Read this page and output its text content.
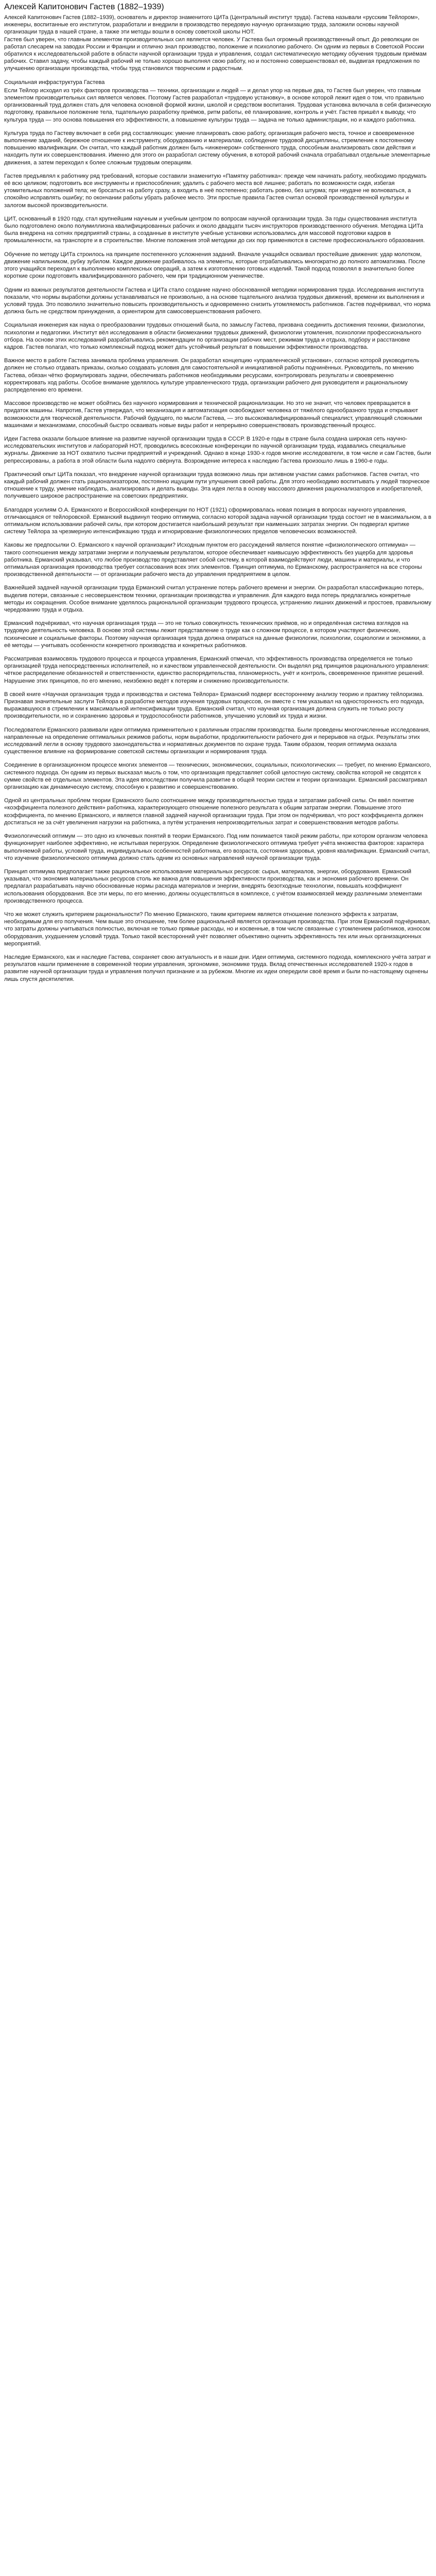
Алексей Капитонович Гастев (1882–1939)

Алексей Капитонович Гастев (1882–1939), основатель и директор знаменитого ЦИТа (Центральный институт труда). Гастева называли «русским Тейлором», инженеры, воспитанные его институтом, разработали и внедрили в производство передовую научную организацию труда, заложили основы научной организации труда в нашей стране, а также эти методы вошли в основу советской школы НОТ.

Гастев был уверен, что главным элементом производительных сил является человек. У Гастева был огромный производственный опыт. До революции он работал слесарем на заводах России и Франции и отлично знал производство, положение и психологию рабочего. Он одним из первых в Советской России обратился к исследовательской работе в области научной организации труда и управления, создал систематическую методику обучения трудовым приёмам рабочих. Ставил задачу, чтобы каждый рабочий не только хорошо выполнял свою работу, но и постоянно совершенствовал её, выдвигая предложения по улучшению организации производства, чтобы труд становился творческим и радостным.

Социальная инфраструктура Гастева

Если Тейлор исходил из трёх факторов производства — техники, организации и людей — и делал упор на первые два, то Гастев был уверен, что главным элементом производительных сил является человек. Поэтому Гастев разработал «трудовую установку», в основе которой лежит идея о том, что правильно организованный труд должен стать для человека основной формой жизни, школой и средством воспитания. Трудовая установка включала в себя физическую подготовку, правильное положение тела, тщательную разработку приёмов, ритм работы, её планирование, контроль и учёт. Гастев пришёл к выводу, что культура труда — это основа повышения его эффективности, а повышение культуры труда — задача не только администрации, но и каждого работника.

Культура труда по Гастеву включает в себя ряд составляющих: умение планировать свою работу, организация рабочего места, точное и своевременное выполнение заданий, бережное отношение к инструменту, оборудованию и материалам, соблюдение трудовой дисциплины, стремление к постоянному повышению квалификации. Он считал, что каждый работник должен быть «инженером» собственного труда, способным анализировать свои действия и находить пути их совершенствования. Именно для этого он разработал систему обучения, в которой рабочий сначала отрабатывал отдельные элементарные движения, а затем переходил к более сложным трудовым операциям.

Гастев предъявлял к работнику ряд требований, которые составили знаменитую «Памятку работника»: прежде чем начинать работу, необходимо продумать её всю целиком; подготовить все инструменты и приспособления; удалить с рабочего места всё лишнее; работать по возможности сидя, избегая утомительных положений тела; не бросаться на работу сразу, а входить в неё постепенно; работать ровно, без штурма; при неудаче не волноваться, а спокойно исправлять ошибку; по окончании работы убрать рабочее место. Эти простые правила Гастев считал основой производственной культуры и залогом высокой производительности.

ЦИТ, основанный в 1920 году, стал крупнейшим научным и учебным центром по вопросам научной организации труда. За годы существования института было подготовлено около полумиллиона квалифицированных рабочих и около двадцати тысяч инструкторов производственного обучения. Методика ЦИТа была внедрена на сотнях предприятий страны, а созданные в институте учебные установки использовались для массовой подготовки кадров в промышленности, на транспорте и в строительстве. Многие положения этой методики до сих пор применяются в системе профессионального образования.

Обучение по методу ЦИТа строилось на принципе постепенного усложнения заданий. Вначале учащийся осваивал простейшие движения: удар молотком, движение напильником, рубку зубилом. Каждое движение разбивалось на элементы, которые отрабатывались многократно до полного автоматизма. После этого учащийся переходил к выполнению комплексных операций, а затем к изготовлению готовых изделий. Такой подход позволял в значительно более короткие сроки подготовить квалифицированного рабочего, чем при традиционном ученичестве.

Одним из важных результатов деятельности Гастева и ЦИТа стало создание научно обоснованной методики нормирования труда. Исследования института показали, что нормы выработки должны устанавливаться не произвольно, а на основе тщательного анализа трудовых движений, времени их выполнения и условий труда. Это позволило значительно повысить производительность и одновременно снизить утомляемость работников. Гастев подчёркивал, что норма должна быть не средством принуждения, а ориентиром для самосовершенствования рабочего.

Социальная инженерия как наука о преобразовании трудовых отношений была, по замыслу Гастева, призвана соединить достижения техники, физиологии, психологии и педагогики. Институт вёл исследования в области биомеханики трудовых движений, физиологии утомления, психологии профессионального отбора. На основе этих исследований разрабатывались рекомендации по организации рабочих мест, режимам труда и отдыха, подбору и расстановке кадров. Гастев полагал, что только комплексный подход может дать устойчивый результат в повышении эффективности производства.

Важное место в работе Гастева занимала проблема управления. Он разработал концепцию «управленческой установки», согласно которой руководитель должен не столько отдавать приказы, сколько создавать условия для самостоятельной и инициативной работы подчинённых. Руководитель, по мнению Гастева, обязан чётко формулировать задачи, обеспечивать работников необходимыми ресурсами, контролировать результаты и своевременно корректировать ход работы. Особое внимание уделялось культуре управленческого труда, организации рабочего дня руководителя и рациональному распределению его времени.

Массовое производство не может обойтись без научного нормирования и технической рационализации. Но это не значит, что человек превращается в придаток машины. Напротив, Гастев утверждал, что механизация и автоматизация освобождают человека от тяжёлого однообразного труда и открывают возможности для творческой деятельности. Рабочий будущего, по мысли Гастева, — это высококвалифицированный специалист, управляющий сложными машинами и механизмами, способный быстро осваивать новые виды работ и непрерывно совершенствовать производственный процесс.

Идеи Гастева оказали большое влияние на развитие научной организации труда в СССР. В 1920-е годы в стране была создана широкая сеть научно-исследовательских институтов и лабораторий НОТ, проводились всесоюзные конференции по научной организации труда, издавались специальные журналы. Движение за НОТ охватило тысячи предприятий и учреждений. Однако в конце 1930-х годов многие исследователи, в том числе и сам Гастев, были репрессированы, а работа в этой области была надолго свёрнута. Возрождение интереса к наследию Гастева произошло лишь в 1960-е годы.

Практический опыт ЦИТа показал, что внедрение научной организации труда возможно лишь при активном участии самих работников. Гастев считал, что каждый рабочий должен стать рационализатором, постоянно ищущим пути улучшения своей работы. Для этого необходимо воспитывать у людей творческое отношение к труду, умение наблюдать, анализировать и делать выводы. Эта идея легла в основу массового движения рационализаторов и изобретателей, получившего широкое распространение на советских предприятиях.

Благодаря усилиям О.А. Ерманского и Всероссийской конференции по НОТ (1921) сформировалась новая позиция в вопросах научного управления, отличающаяся от тейлоровской. Ерманский выдвинул теорию оптимума, согласно которой задача научной организации труда состоит не в максимальном, а в оптимальном использовании рабочей силы, при котором достигается наибольший результат при наименьших затратах энергии. Он подвергал критике систему Тейлора за чрезмерную интенсификацию труда и игнорирование физиологических пределов человеческих возможностей.

Каковы же предпосылки О. Ерманского к научной организации? Исходным пунктом его рассуждений является понятие «физиологического оптимума» — такого соотношения между затратами энергии и получаемым результатом, которое обеспечивает наивысшую эффективность без ущерба для здоровья работника. Ерманский указывал, что любое производство представляет собой систему, в которой взаимодействуют люди, машины и материалы, и что оптимальная организация производства требует согласования всех этих элементов. Принцип оптимума, по Ерманскому, распространяется на все стороны производственной деятельности — от организации рабочего места до управления предприятием в целом.

Важнейшей задачей научной организации труда Ерманский считал устранение потерь рабочего времени и энергии. Он разработал классификацию потерь, выделив потери, связанные с несовершенством техники, организации производства и управления. Для каждого вида потерь предлагались конкретные методы их сокращения. Особое внимание уделялось рациональной организации трудового процесса, устранению лишних движений и простоев, правильному чередованию труда и отдыха.

Ерманский подчёркивал, что научная организация труда — это не только совокупность технических приёмов, но и определённая система взглядов на трудовую деятельность человека. В основе этой системы лежит представление о труде как о сложном процессе, в котором участвуют физические, психические и социальные факторы. Поэтому научная организация труда должна опираться на данные физиологии, психологии, социологии и экономики, а её методы — учитывать особенности конкретного производства и конкретных работников.

Рассматривая взаимосвязь трудового процесса и процесса управления, Ерманский отмечал, что эффективность производства определяется не только организацией труда непосредственных исполнителей, но и качеством управленческой деятельности. Он выделял ряд принципов рационального управления: чёткое распределение обязанностей и ответственности, единство распорядительства, планомерность, учёт и контроль, своевременное принятие решений. Нарушение этих принципов, по его мнению, неизбежно ведёт к потерям и снижению производительности.

В своей книге «Научная организация труда и производства и система Тейлора» Ерманский подверг всестороннему анализу теорию и практику тейлоризма. Признавая значительные заслуги Тейлора в разработке методов изучения трудовых процессов, он вместе с тем указывал на односторонность его подхода, выражавшуюся в стремлении к максимальной интенсификации труда. Ерманский считал, что научная организация должна служить не только росту производительности, но и сохранению здоровья и трудоспособности работников, улучшению условий их труда и жизни.

Последователи Ерманского развивали идеи оптимума применительно к различным отраслям производства. Были проведены многочисленные исследования, направленные на определение оптимальных режимов работы, норм выработки, продолжительности рабочего дня и перерывов на отдых. Результаты этих исследований легли в основу трудового законодательства и нормативных документов по охране труда. Таким образом, теория оптимума оказала существенное влияние на формирование советской системы организации и нормирования труда.

Соединение в организационном процессе многих элементов — технических, экономических, социальных, психологических — требует, по мнению Ерманского, системного подхода. Он одним из первых высказал мысль о том, что организация представляет собой целостную систему, свойства которой не сводятся к сумме свойств её отдельных элементов. Эта идея впоследствии получила развитие в общей теории систем и теории организации. Ерманский рассматривал организацию как динамическую систему, способную к развитию и совершенствованию.

Одной из центральных проблем теории Ерманского было соотношение между производительностью труда и затратами рабочей силы. Он ввёл понятие «коэффициента полезного действия» работника, характеризующего отношение полезного результата к общим затратам энергии. Повышение этого коэффициента, по мнению Ерманского, и является главной задачей научной организации труда. При этом он подчёркивал, что рост коэффициента должен достигаться не за счёт увеличения нагрузки на работника, а путём устранения непроизводительных затрат и совершенствования методов работы.

Физиологический оптимум — это одно из ключевых понятий в теории Ерманского. Под ним понимается такой режим работы, при котором организм человека функционирует наиболее эффективно, не испытывая перегрузок. Определение физиологического оптимума требует учёта множества факторов: характера выполняемой работы, условий труда, индивидуальных особенностей работника, его возраста, состояния здоровья, уровня квалификации. Ерманский считал, что изучение физиологического оптимума должно стать одним из основных направлений научной организации труда.

Принцип оптимума предполагает также рациональное использование материальных ресурсов: сырья, материалов, энергии, оборудования. Ерманский указывал, что экономия материальных ресурсов столь же важна для повышения эффективности производства, как и экономия рабочего времени. Он предлагал разрабатывать научно обоснованные нормы расхода материалов и энергии, внедрять безотходные технологии, повышать коэффициент использования оборудования. Все эти меры, по его мнению, должны осуществляться в комплексе, с учётом взаимосвязей между различными элементами производственного процесса.

Что же может служить критерием рациональности? По мнению Ерманского, таким критерием является отношение полезного эффекта к затратам, необходимым для его получения. Чем выше это отношение, тем более рациональной является организация производства. При этом Ерманский подчёркивал, что затраты должны учитываться полностью, включая не только прямые расходы, но и косвенные, в том числе связанные с утомлением работников, износом оборудования, ухудшением условий труда. Только такой всесторонний учёт позволяет объективно оценить эффективность тех или иных организационных мероприятий.

Наследие Ерманского, как и наследие Гастева, сохраняет свою актуальность и в наши дни. Идеи оптимума, системного подхода, комплексного учёта затрат и результатов нашли применение в современной теории управления, эргономике, экономике труда. Вклад отечественных исследователей 1920-х годов в развитие научной организации труда и управления получил признание и за рубежом. Многие их идеи опередили своё время и были по-настоящему оценены лишь спустя десятилетия.
